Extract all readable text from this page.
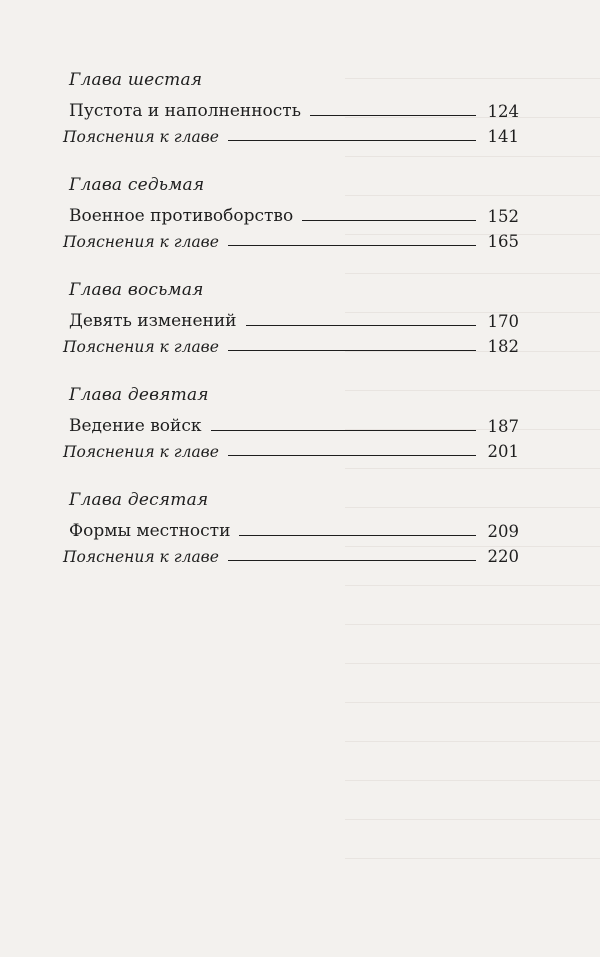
Глава шестая
Пустота и наполненность	124
Пояснения к главе	141
Глава седьмая
Военное противоборство	152
Пояснения к главе	165
Глава восьмая
Девять изменений	170
Пояснения к главе	182
Глава девятая
Ведение войск	187
Пояснения к главе	201
Глава десятая
Формы местности	209
Пояснения к главе	220
